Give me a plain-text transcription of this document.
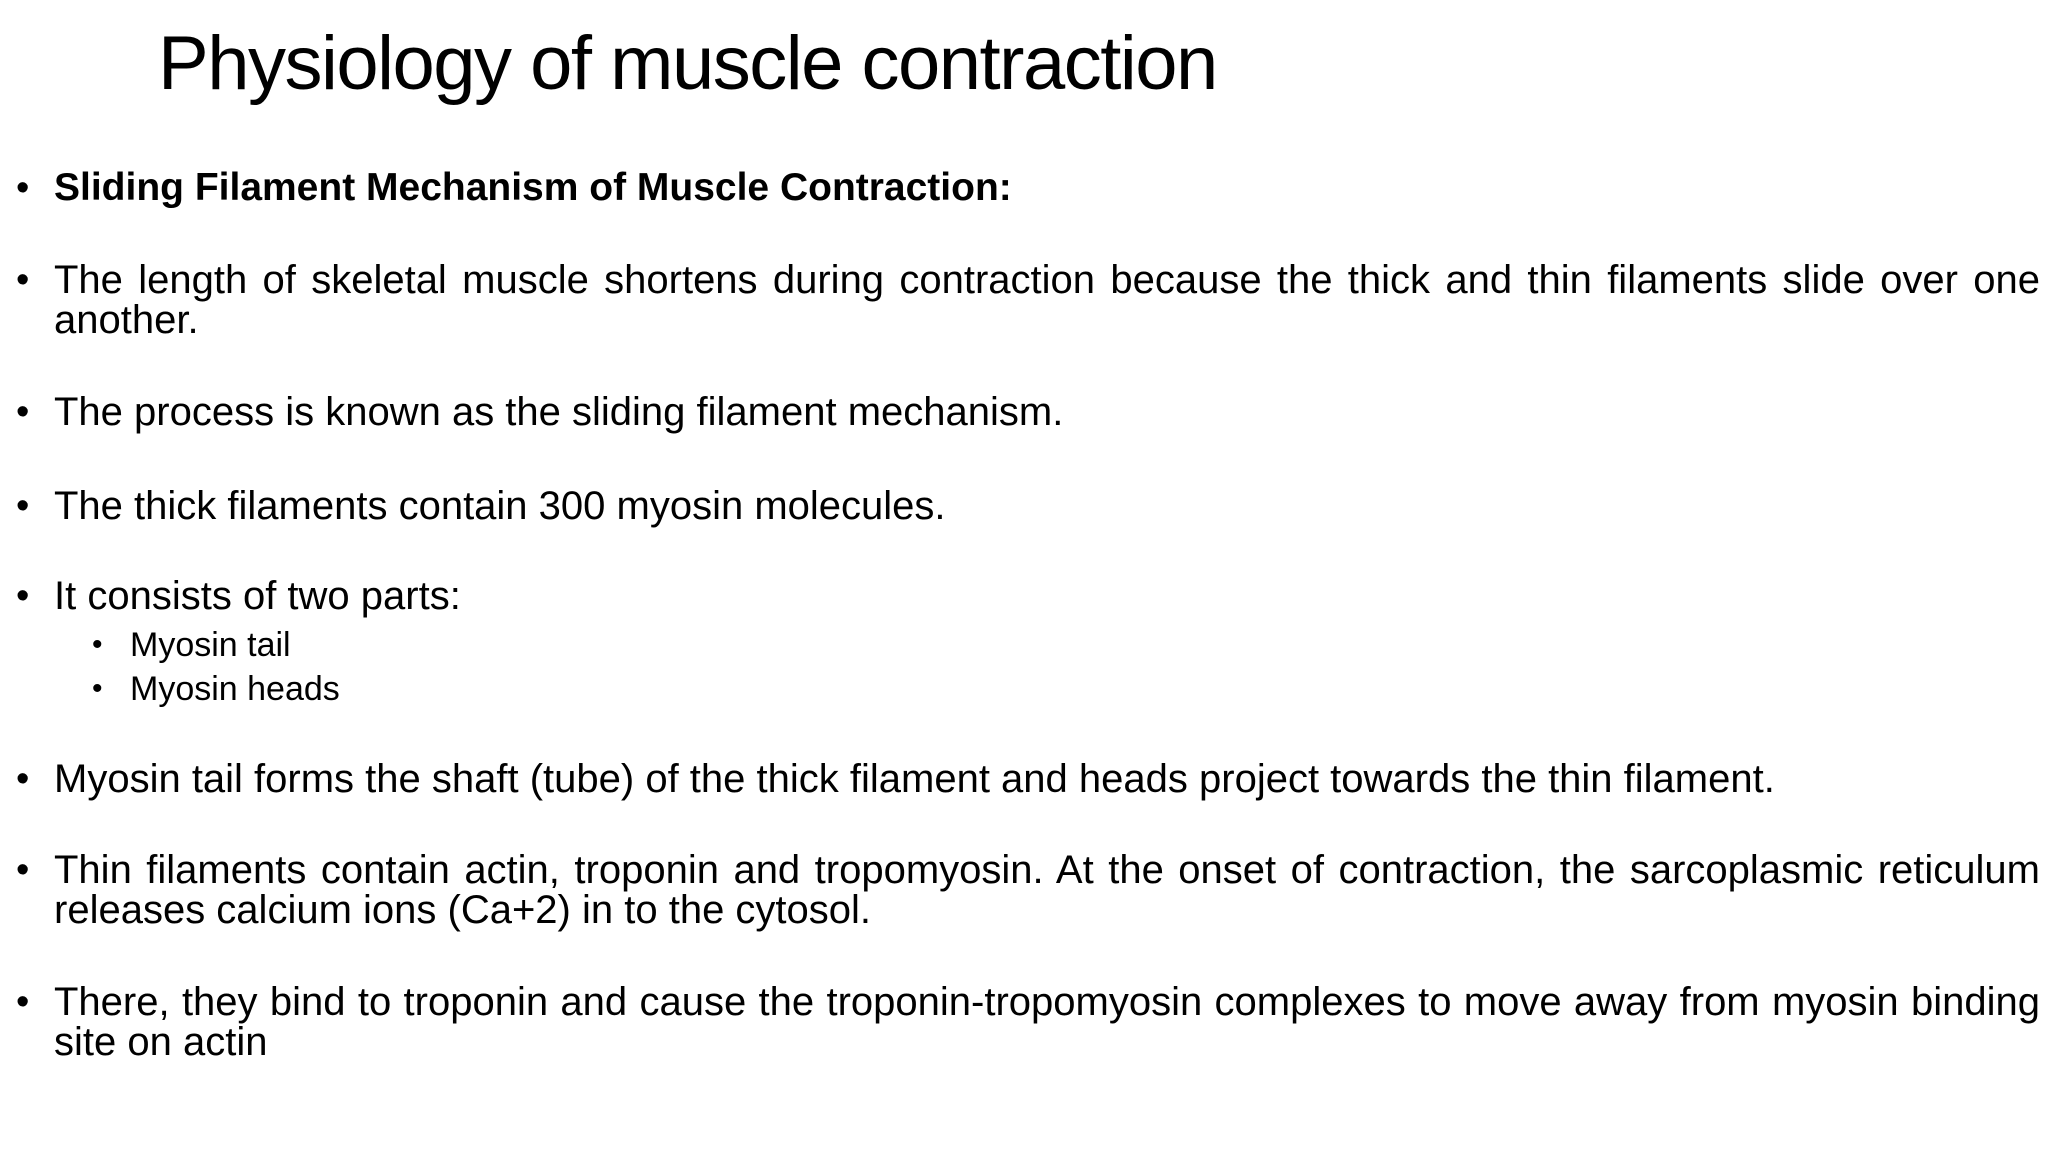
Physiology of muscle contraction
• Sliding Filament Mechanism of Muscle Contraction:
• The length of skeletal muscle shortens during contraction because the thick and thin filaments slide over one another.
• The process is known as the sliding filament mechanism.
• The thick filaments contain 300 myosin molecules.
• It consists of two parts:
• Myosin tail
• Myosin heads
• Myosin tail forms the shaft (tube) of the thick filament and heads project towards the thin filament.
• Thin filaments contain actin, troponin and tropomyosin. At the onset of contraction, the sarcoplasmic reticulum releases calcium ions (Ca+2) in to the cytosol.
• There, they bind to troponin and cause the troponin-tropomyosin complexes to move away from myosin binding site on actin
